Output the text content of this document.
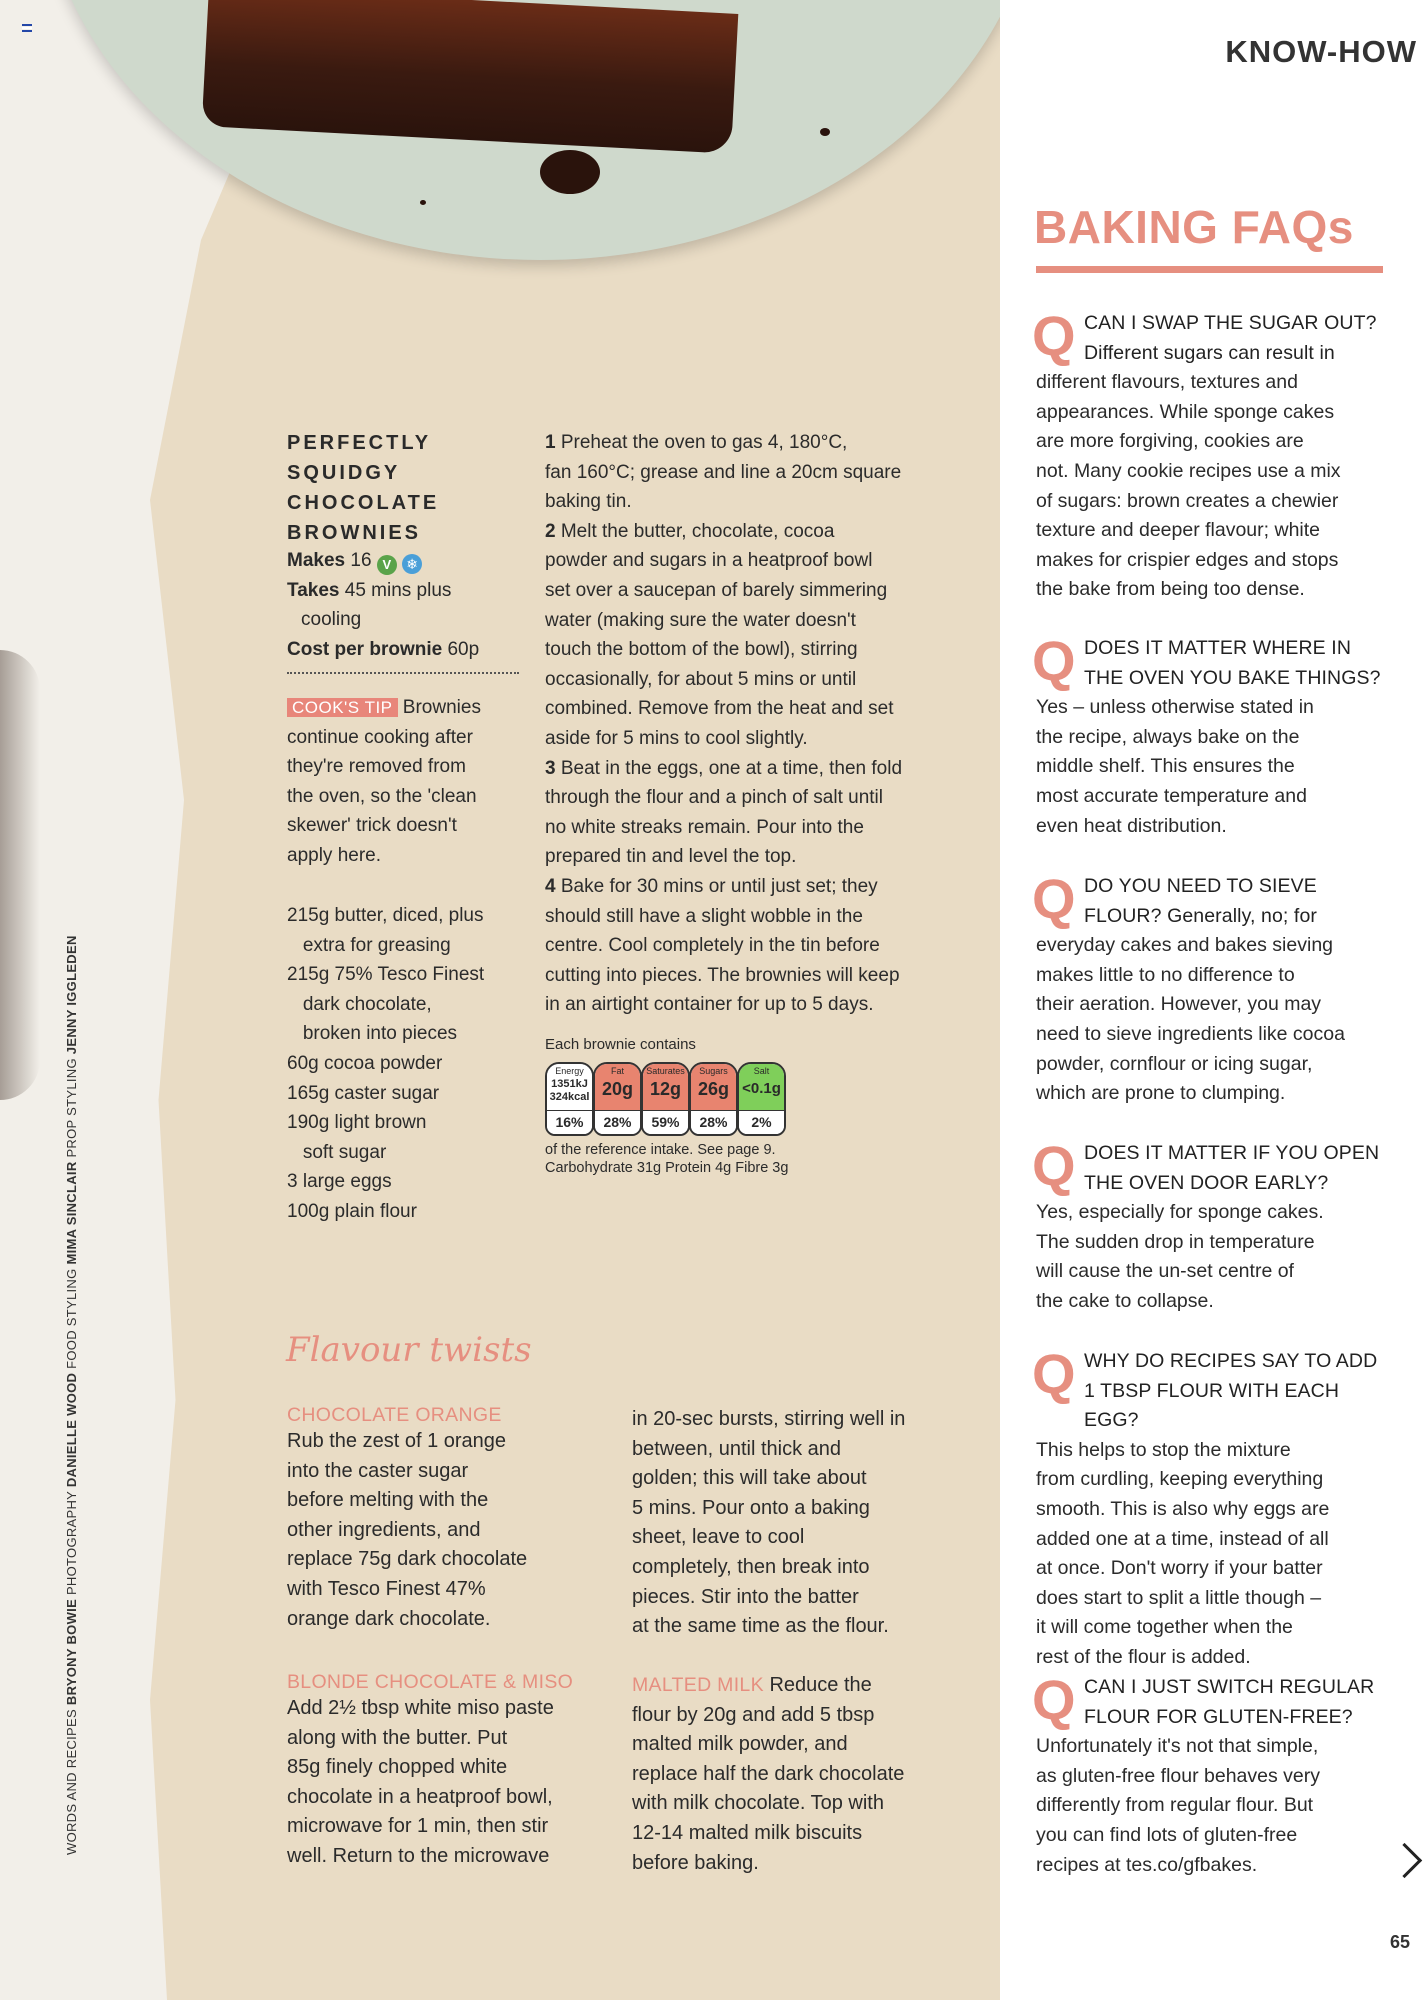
WORDS AND RECIPES BRYONY BOWIE PHOTOGRAPHY DANIELLE WOOD FOOD STYLING MIMA SINCLAIR PROP STYLING JENNY IGGLEDEN
PERFECTLY
SQUIDGY
CHOCOLATE
BROWNIES
Makes 16 V ❄
Takes 45 mins plus
cooling
Cost per brownie 60p
COOK'S TIP Brownies
continue cooking after
they're removed from
the oven, so the 'clean
skewer' trick doesn't
apply here.
215g butter, diced, plus
extra for greasing
215g 75% Tesco Finest
dark chocolate,
broken into pieces
60g cocoa powder
165g caster sugar
190g light brown
soft sugar
3 large eggs
100g plain flour
1 Preheat the oven to gas 4, 180°C,
fan 160°C; grease and line a 20cm square
baking tin.
2 Melt the butter, chocolate, cocoa
powder and sugars in a heatproof bowl
set over a saucepan of barely simmering
water (making sure the water doesn't
touch the bottom of the bowl), stirring
occasionally, for about 5 mins or until
combined. Remove from the heat and set
aside for 5 mins to cool slightly.
3 Beat in the eggs, one at a time, then fold
through the flour and a pinch of salt until
no white streaks remain. Pour into the
prepared tin and level the top.
4 Bake for 30 mins or until just set; they
should still have a slight wobble in the
centre. Cool completely in the tin before
cutting into pieces. The brownies will keep
in an airtight container for up to 5 days.
Each brownie contains
Energy
1351kJ
324kcal
16%
Fat
20g
28%
Saturates
12g
59%
Sugars
26g
28%
Salt
<0.1g
2%
of the reference intake. See page 9.
Carbohydrate 31g Protein 4g Fibre 3g
Flavour twists
CHOCOLATE ORANGE
Rub the zest of 1 orange
into the caster sugar
before melting with the
other ingredients, and
replace 75g dark chocolate
with Tesco Finest 47%
orange dark chocolate.
BLONDE CHOCOLATE & MISO
Add 2½ tbsp white miso paste
along with the butter. Put
85g finely chopped white
chocolate in a heatproof bowl,
microwave for 1 min, then stir
well. Return to the microwave
in 20-sec bursts, stirring well in
between, until thick and
golden; this will take about
5 mins. Pour onto a baking
sheet, leave to cool
completely, then break into
pieces. Stir into the batter
at the same time as the flour.
MALTED MILK Reduce the
flour by 20g and add 5 tbsp
malted milk powder, and
replace half the dark chocolate
with milk chocolate. Top with
12-14 malted milk biscuits
before baking.
KNOW-HOW
BAKING FAQs
Q CAN I SWAP THE SUGAR OUT?
Different sugars can result in
different flavours, textures and
appearances. While sponge cakes
are more forgiving, cookies are
not. Many cookie recipes use a mix
of sugars: brown creates a chewier
texture and deeper flavour; white
makes for crispier edges and stops
the bake from being too dense.
Q DOES IT MATTER WHERE IN
THE OVEN YOU BAKE THINGS?
Yes – unless otherwise stated in
the recipe, always bake on the
middle shelf. This ensures the
most accurate temperature and
even heat distribution.
Q DO YOU NEED TO SIEVE
FLOUR? Generally, no; for
everyday cakes and bakes sieving
makes little to no difference to
their aeration. However, you may
need to sieve ingredients like cocoa
powder, cornflour or icing sugar,
which are prone to clumping.
Q DOES IT MATTER IF YOU OPEN
THE OVEN DOOR EARLY?
Yes, especially for sponge cakes.
The sudden drop in temperature
will cause the un-set centre of
the cake to collapse.
Q WHY DO RECIPES SAY TO ADD
1 TBSP FLOUR WITH EACH EGG?
This helps to stop the mixture
from curdling, keeping everything
smooth. This is also why eggs are
added one at a time, instead of all
at once. Don't worry if your batter
does start to split a little though –
it will come together when the
rest of the flour is added.
Q CAN I JUST SWITCH REGULAR
FLOUR FOR GLUTEN-FREE?
Unfortunately it's not that simple,
as gluten-free flour behaves very
differently from regular flour. But
you can find lots of gluten-free
recipes at tes.co/gfbakes.
65
